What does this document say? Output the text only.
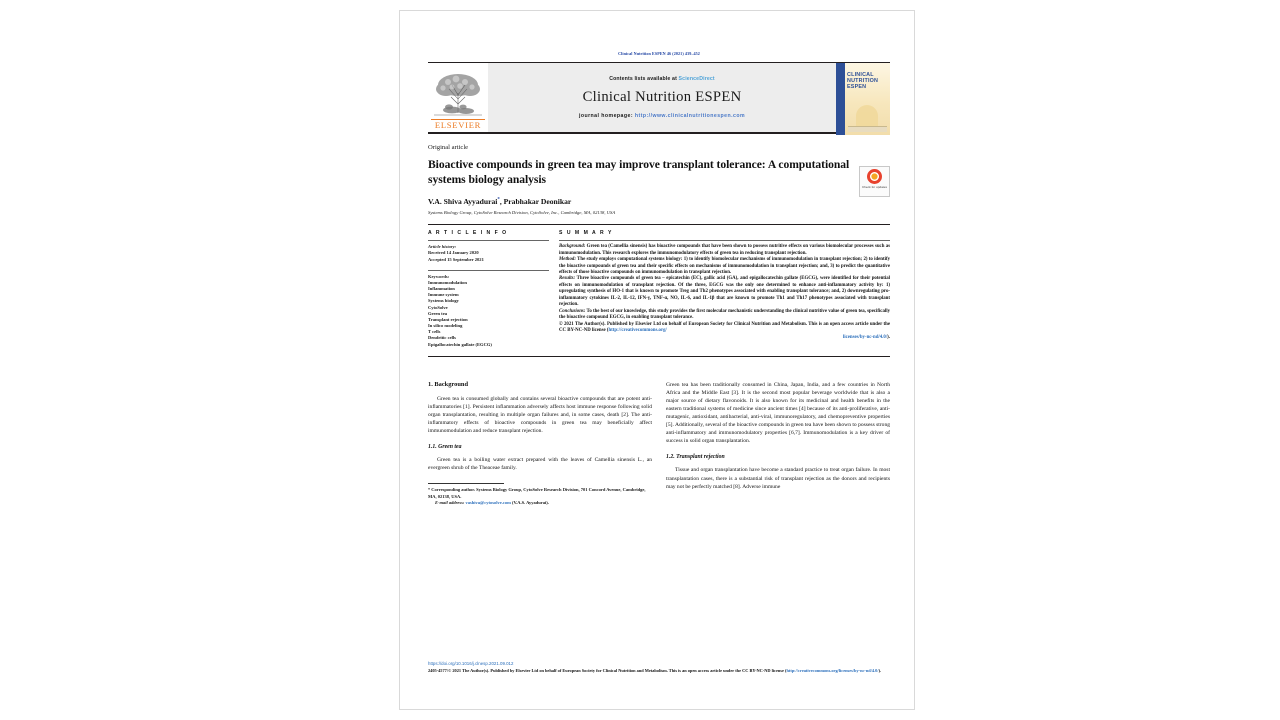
Clinical Nutrition ESPEN 46 (2021) 439–452
ELSEVIER
Contents lists available at ScienceDirect
Clinical Nutrition ESPEN
journal homepage: http://www.clinicalnutritionespen.com
CLINICAL NUTRITION ESPEN
Original article
Bioactive compounds in green tea may improve transplant tolerance: A computational systems biology analysis
V.A. Shiva Ayyadurai*, Prabhakar Deonikar
Systems Biology Group, CytoSolve Research Division, CytoSolve, Inc., Cambridge, MA, 02138, USA
Check for updates
A R T I C L E I N F O
Article history:
Received 14 January 2020
Accepted 15 September 2021
Keywords:
Immunomodulation
Inflammation
Immune system
Systems biology
CytoSolve
Green tea
Transplant rejection
In silico modeling
T cells
Dendritic cells
Epigallocatechin gallate (EGCG)
S U M M A R Y

Background: Green tea (Camellia sinensis) has bioactive compounds that have been shown to possess nutritive effects on various biomolecular processes such as immunomodulation. This research explores the immunomodulatory effects of green tea in reducing transplant rejection.

Method: The study employs computational systems biology: 1) to identify biomolecular mechanisms of immunomodulation in transplant rejection; 2) to identify the bioactive compounds of green tea and their specific effects on mechanisms of immunomodulation in transplant rejection; and, 3) to predict the quantitative effects of those bioactive compounds on immunomodulation in transplant rejection.

Results: Three bioactive compounds of green tea – epicatechin (EC), gallic acid (GA), and epigallocatechin gallate (EGCG), were identified for their potential effects on immunomodulation of transplant rejection. Of the three, EGCG was the only one determined to enhance anti-inflammatory activity by: 1) upregulating synthesis of HO-1 that is known to promote Treg and Th2 phenotypes associated with enabling transplant tolerance; and, 2) downregulating pro-inflammatory cytokines IL-2, IL-12, IFN-γ, TNF-α, NO, IL-6, and IL-1β that are known to promote Th1 and Th17 phenotypes associated with transplant rejection.

Conclusions: To the best of our knowledge, this study provides the first molecular mechanistic understanding the clinical nutritive value of green tea, specifically the bioactive compound EGCG, in enabling transplant tolerance.

© 2021 The Author(s). Published by Elsevier Ltd on behalf of European Society for Clinical Nutrition and Metabolism. This is an open access article under the CC BY-NC-ND license (http://creativecommons.org/
licenses/by-nc-nd/4.0/).

1. Background

Green tea is consumed globally and contains several bioactive compounds that are potent anti-inflammatories [1]. Persistent inflammation adversely affects host immune response following solid organ transplantation, resulting in multiple organ failures and, in some cases, death [2]. The anti-inflammatory effects of bioactive compounds in green tea may beneficially affect immunomodulation and reduce transplant rejection.

1.1. Green tea

Green tea is a boiling water extract prepared with the leaves of Camellia sinensis L., an evergreen shrub of the Theaceae family.

* Corresponding author. Systems Biology Group, CytoSolve Research Division, 701 Concord Avenue, Cambridge, MA, 02138, USA.
E-mail address: vashiva@cytosolve.com (V.A.S. Ayyadurai).

Green tea has been traditionally consumed in China, Japan, India, and a few countries in North Africa and the Middle East [3]. It is the second most popular beverage worldwide that is also a major source of dietary flavonoids. It is also known for its medicinal and health benefits in the eastern traditional systems of medicine since ancient times [4] because of its anti-proliferative, anti-mutagenic, antioxidant, antibacterial, anti-viral, immunoregulatory, and chemopreventive properties [5]. Additionally, several of the bioactive compounds in green tea have been shown to possess strong anti-inflammatory and immunomodulatory properties [6,7]. Immunomodulation is a key driver of success in solid organ transplantation.

1.2. Transplant rejection

Tissue and organ transplantation have become a standard practice to treat organ failure. In most transplantation cases, there is a substantial risk of transplant rejection as the donors and recipients may not be perfectly matched [8]. Adverse immune

https://doi.org/10.1016/j.clnesp.2021.09.012
2405-4577/© 2021 The Author(s). Published by Elsevier Ltd on behalf of European Society for Clinical Nutrition and Metabolism. This is an open access article under the CC BY-NC-ND license (http://creativecommons.org/licenses/by-nc-nd/4.0/).
